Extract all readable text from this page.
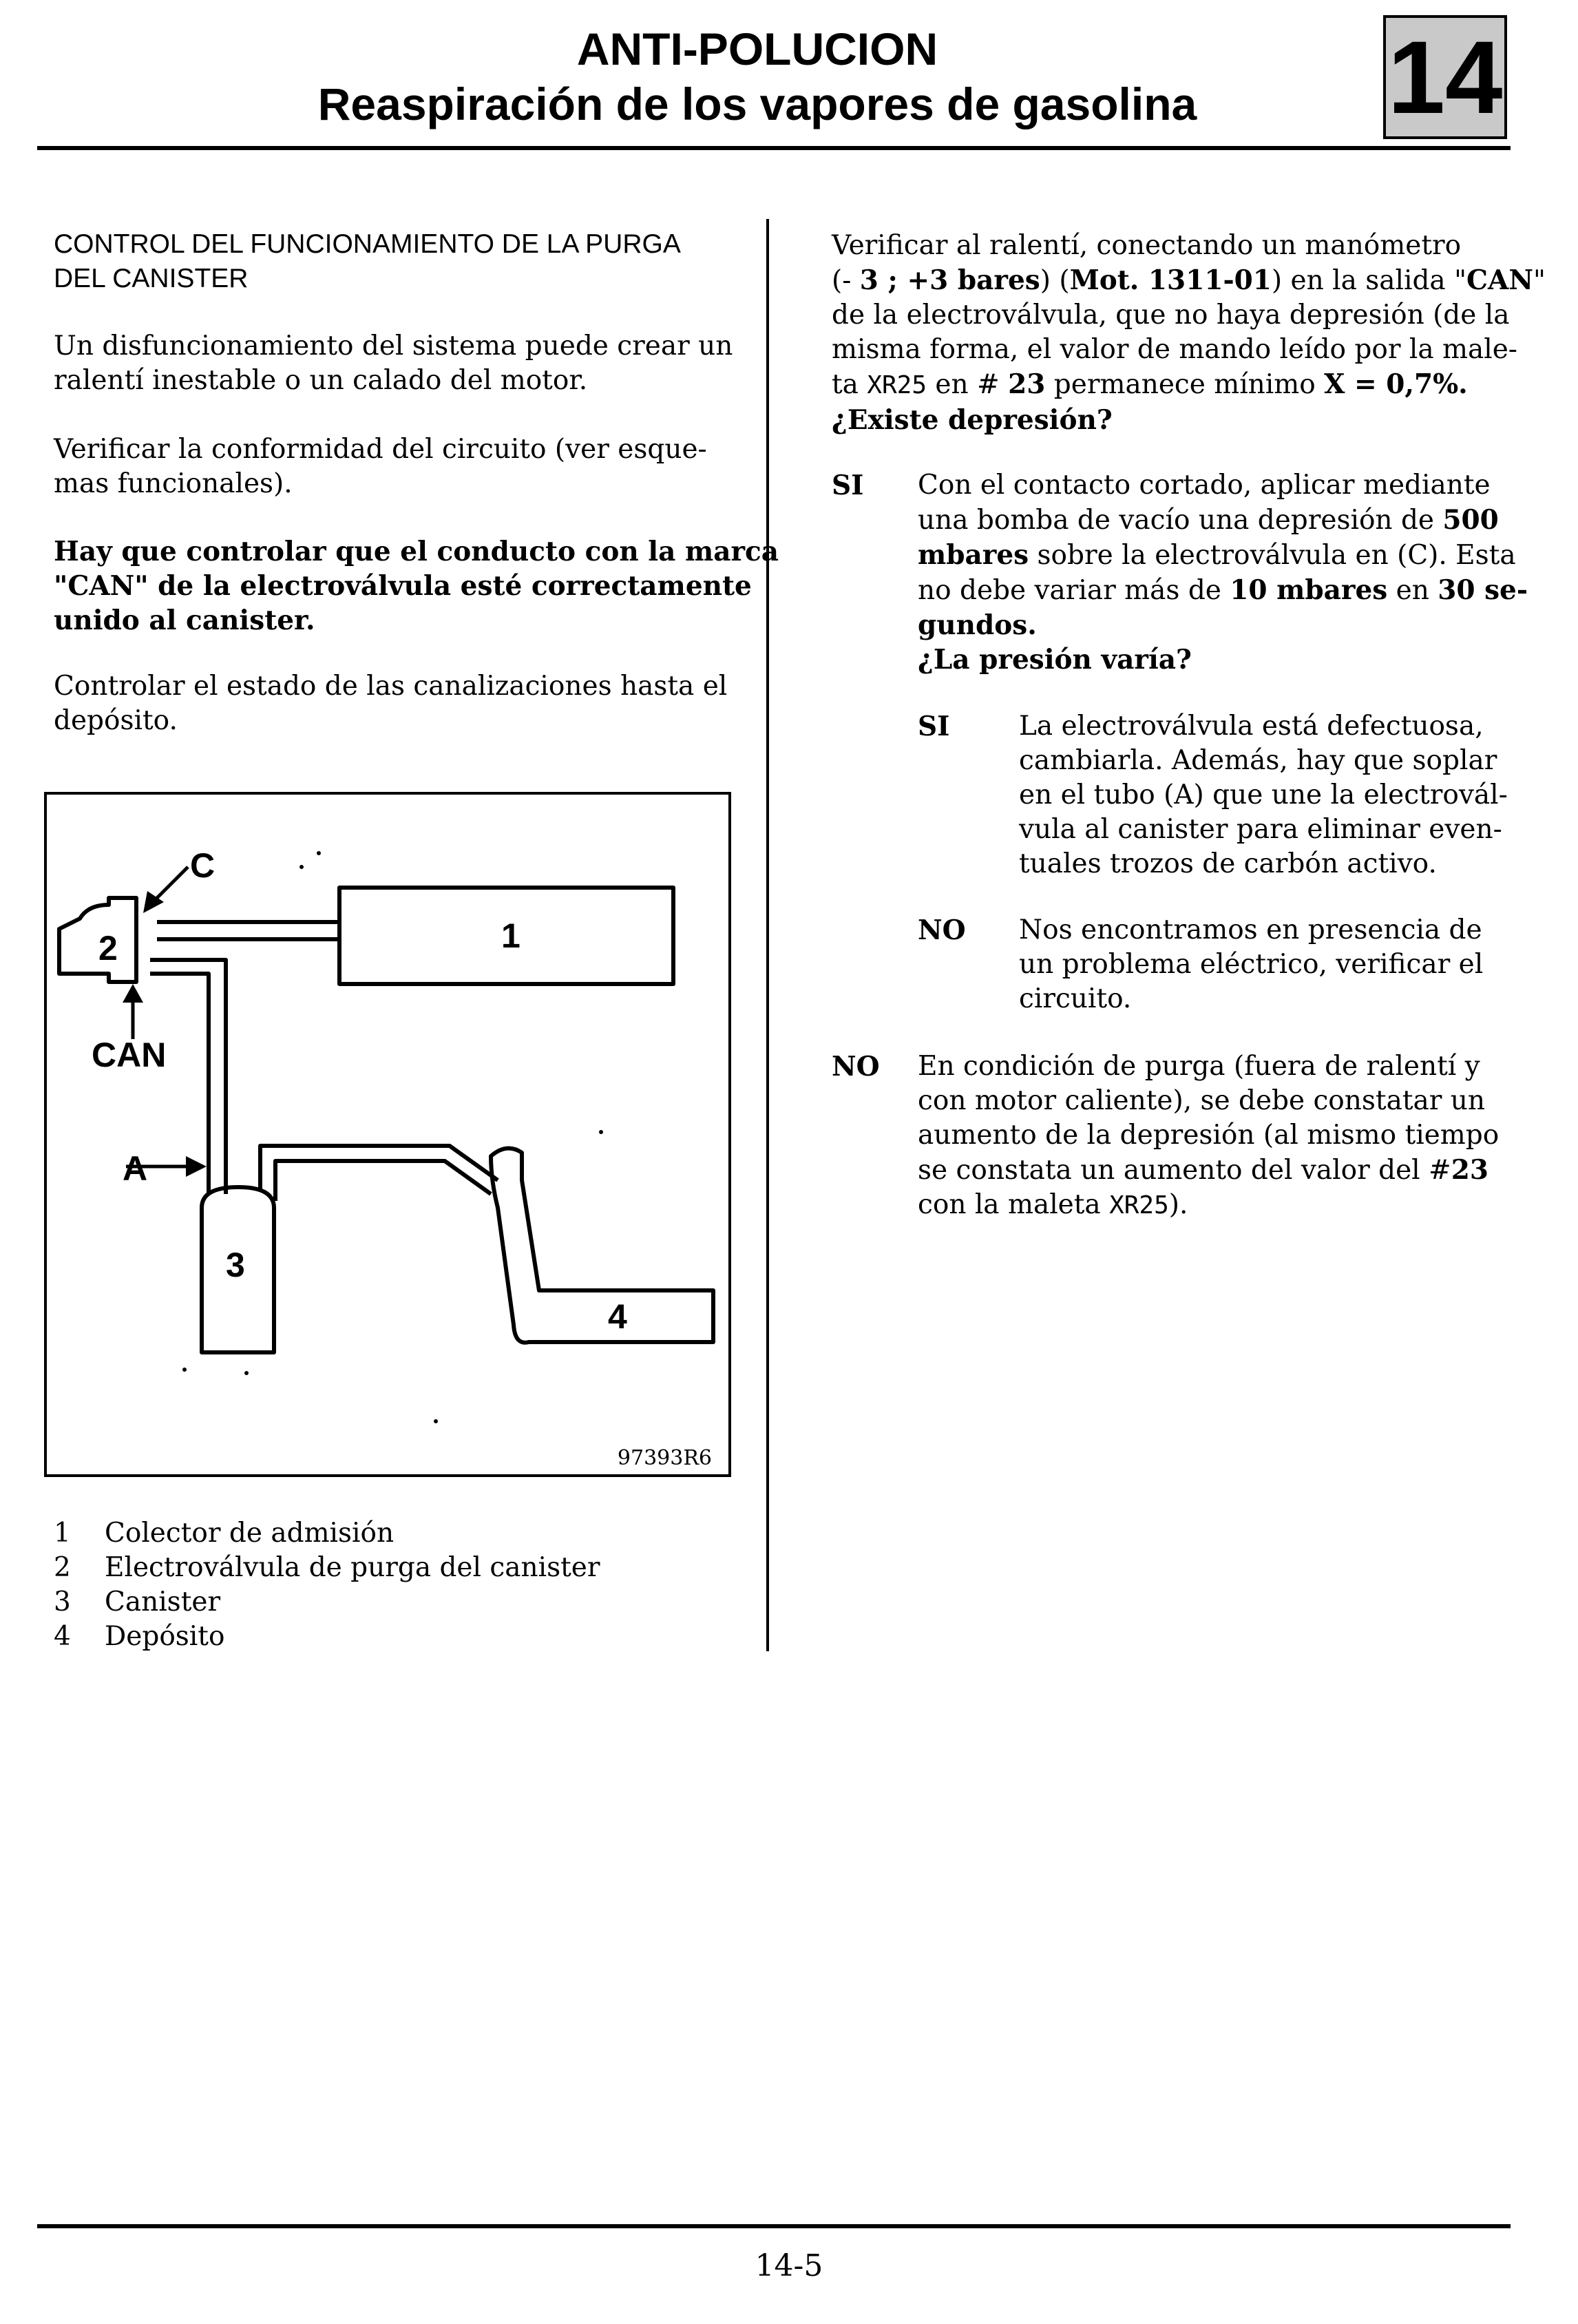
ANTI-POLUCION
Reaspiración de los vapores de gasolina	14
CONTROL DEL FUNCIONAMIENTO DE LA PURGA
DEL CANISTER
Un disfuncionamiento del sistema puede crear un
ralentí inestable o un calado del motor.
Verificar la conformidad del circuito (ver esque-
mas funcionales).
Hay que controlar que el conducto con la marca
"CAN" de la electroválvula esté correctamente
unido al canister.
Controlar el estado de las canalizaciones hasta el
depósito.
C
2	1
CAN
A
3
4
97393R6
1 Colector de admisión
2 Electroválvula de purga del canister
3 Canister
4 Depósito
Verificar al ralentí, conectando un manómetro
(- 3 ; +3 bares) (Mot. 1311-01) en la salida "CAN"
de la electroválvula, que no haya depresión (de la
misma forma, el valor de mando leído por la male-
ta XR25 en # 23 permanece mínimo X = 0,7%.
¿Existe depresión?
SI Con el contacto cortado, aplicar mediante
una bomba de vacío una depresión de 500
mbares sobre la electroválvula en (C). Esta
no debe variar más de 10 mbares en 30 se-
gundos.
¿La presión varía?
SI	La electroválvula está defectuosa,
cambiarla. Además, hay que soplar
en el tubo (A) que une la electrovál-
vula al canister para eliminar even-
tuales trozos de carbón activo.
NO Nos encontramos en presencia de
un problema eléctrico, verificar el
circuito.
NO En condición de purga (fuera de ralentí y
con motor caliente), se debe constatar un
aumento de la depresión (al mismo tiempo
se constata un aumento del valor del #23
con la maleta XR25).
14-5
